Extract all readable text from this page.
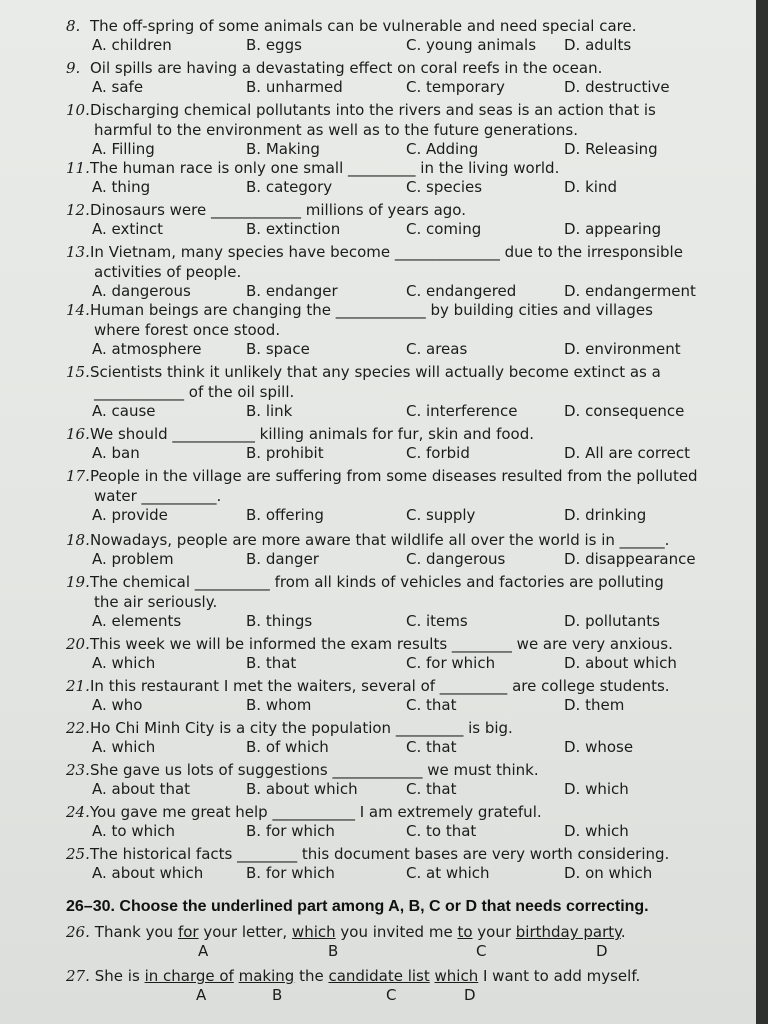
8. The off-spring of some animals can be vulnerable and need special care.
A. children	B. eggs	C. young animals D. adults
9. Oil spills are having a devastating effect on coral reefs in the ocean.
A. safe	B. unharmed	C. temporary	D. destructive
10.Discharging chemical pollutants into the rivers and seas is an action that is
harmful to the environment as well as to the future generations.
A. Filling	B. Making	C. Adding	D. Releasing
11.The human race is only one small _________ in the living world.
A. thing	B. category	C. species	D. kind
12.Dinosaurs were ____________ millions of years ago.
A. extinct	B. extinction	C. coming	D. appearing
13.In Vietnam, many species have become ______________ due to the irresponsible
activities of people.
A. dangerous	B. endanger	C. endangered	D. endangerment
14.Human beings are changing the ____________ by building cities and villages
where forest once stood.
A. atmosphere	B. space	C. areas	D. environment
15.Scientists think it unlikely that any species will actually become extinct as a
____________ of the oil spill.
A. cause	B. link	C. interference	D. consequence
16.We should ___________ killing animals for fur, skin and food.
A. ban	B. prohibit	C. forbid	D. All are correct
17.People in the village are suffering from some diseases resulted from the polluted
water __________.
A. provide	B. offering	C. supply	D. drinking
18.Nowadays, people are more aware that wildlife all over the world is in ______.
A. problem	B. danger	C. dangerous	D. disappearance
19.The chemical __________ from all kinds of vehicles and factories are polluting
the air seriously.
A. elements	B. things	C. items	D. pollutants
20.This week we will be informed the exam results ________ we are very anxious.
A. which	B. that	C. for which	D. about which
21.In this restaurant I met the waiters, several of _________ are college students.
A. who	B. whom	C. that	D. them
22.Ho Chi Minh City is a city the population _________ is big.
A. which	B. of which	C. that	D. whose
23.She gave us lots of suggestions ____________ we must think.
A. about that	B. about which	C. that	D. which
24.You gave me great help ___________ I am extremely grateful.
A. to which	B. for which	C. to that	D. which
25.The historical facts ________ this document bases are very worth considering.
A. about which	B. for which	C. at which	D. on which
26–30. Choose the underlined part among A, B, C or D that needs correcting.
26. Thank you for your letter, which you invited me to your birthday party.
A	B	C	D
27. She is in charge of making the candidate list which I want to add myself.
A	B	C	D
